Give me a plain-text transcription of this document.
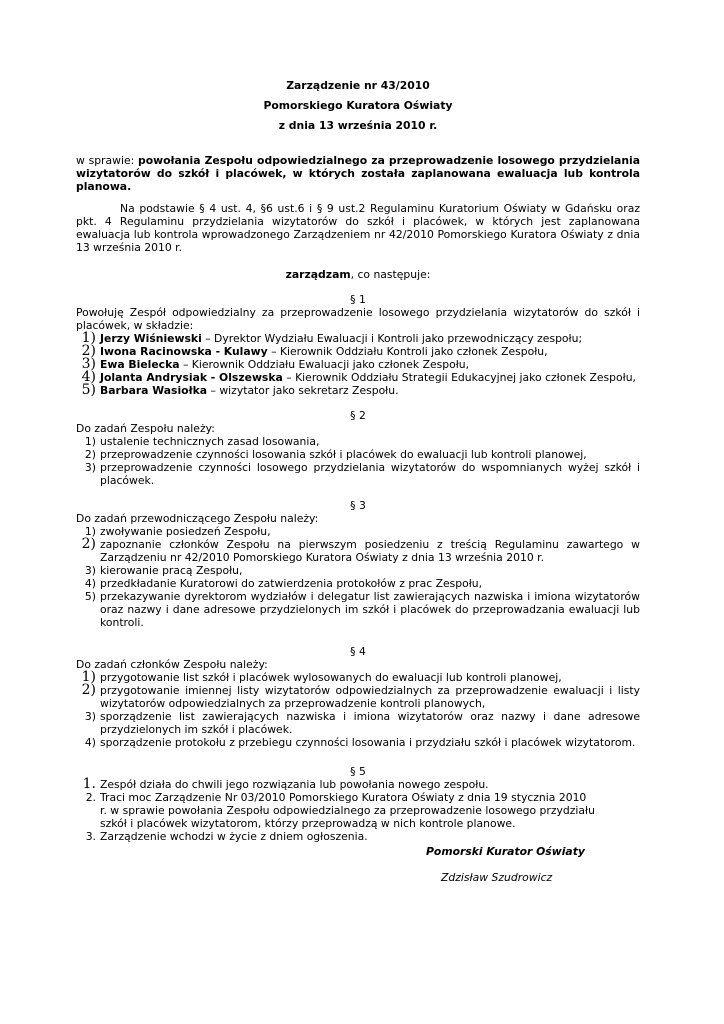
Zarządzenie nr 43/2010

Pomorskiego Kuratora Oświaty

z dnia 13 września 2010 r.

w sprawie: powołania Zespołu odpowiedzialnego za przeprowadzenie losowego przydzielania wizytatorów do szkół i placówek, w których została zaplanowana ewaluacja lub kontrola planowa.

Na podstawie § 4 ust. 4, §6 ust.6 i § 9 ust.2 Regulaminu Kuratorium Oświaty w Gdańsku oraz pkt. 4 Regulaminu przydzielania wizytatorów do szkół i placówek, w których jest zaplanowana ewaluacja lub kontrola wprowadzonego Zarządzeniem nr 42/2010 Pomorskiego Kuratora Oświaty z dnia 13 września 2010 r.

zarządzam, co następuje:

§ 1

Powołuję Zespół odpowiedzialny za przeprowadzenie losowego przydzielania wizytatorów do szkół i placówek, w składzie:

1) Jerzy Wiśniewski – Dyrektor Wydziału Ewaluacji i Kontroli jako przewodniczący zespołu;
2) Iwona Racinowska - Kulawy – Kierownik Oddziału Kontroli jako członek Zespołu,
3) Ewa Bielecka – Kierownik Oddziału Ewaluacji jako członek Zespołu,
4) Jolanta Andrysiak - Olszewska – Kierownik Oddziału Strategii Edukacyjnej jako członek Zespołu,
5) Barbara Wasiołka – wizytator jako sekretarz Zespołu.

§ 2

Do zadań Zespołu należy:

1) ustalenie technicznych zasad losowania,
2) przeprowadzenie czynności losowania szkół i placówek do ewaluacji lub kontroli planowej,
3) przeprowadzenie czynności losowego przydzielania wizytatorów do wspomnianych wyżej szkół i placówek.

§ 3

Do zadań przewodniczącego Zespołu należy:

1) zwoływanie posiedzeń Zespołu,
2) zapoznanie członków Zespołu na pierwszym posiedzeniu z treścią Regulaminu zawartego w Zarządzeniu nr 42/2010 Pomorskiego Kuratora Oświaty z dnia 13 września 2010 r.
3) kierowanie pracą Zespołu,
4) przedkładanie Kuratorowi do zatwierdzenia protokołów z prac Zespołu,
5) przekazywanie dyrektorom wydziałów i delegatur list zawierających nazwiska i imiona wizytatorów oraz nazwy i dane adresowe przydzielonych im szkół i placówek do przeprowadzania ewaluacji lub kontroli.

§ 4

Do zadań członków Zespołu należy:

1) przygotowanie list szkół i placówek wylosowanych do ewaluacji lub kontroli planowej,
2) przygotowanie imiennej listy wizytatorów odpowiedzialnych za przeprowadzenie ewaluacji i listy wizytatorów odpowiedzialnych za przeprowadzenie kontroli planowych,
3) sporządzenie list zawierających nazwiska i imiona wizytatorów oraz nazwy i dane adresowe przydzielonych im szkół i placówek.
4) sporządzenie protokołu z przebiegu czynności losowania i przydziału szkół i placówek wizytatorom.

§ 5

1. Zespół działa do chwili jego rozwiązania lub powołania nowego zespołu.
2. Traci moc Zarządzenie Nr 03/2010 Pomorskiego Kuratora Oświaty z dnia 19 stycznia 2010 r. w sprawie powołania Zespołu odpowiedzialnego za przeprowadzenie losowego przydziału szkół i placówek wizytatorom, którzy przeprowadzą w nich kontrole planowe.
3. Zarządzenie wchodzi w życie z dniem ogłoszenia.

Pomorski Kurator Oświaty

Zdzisław Szudrowicz
